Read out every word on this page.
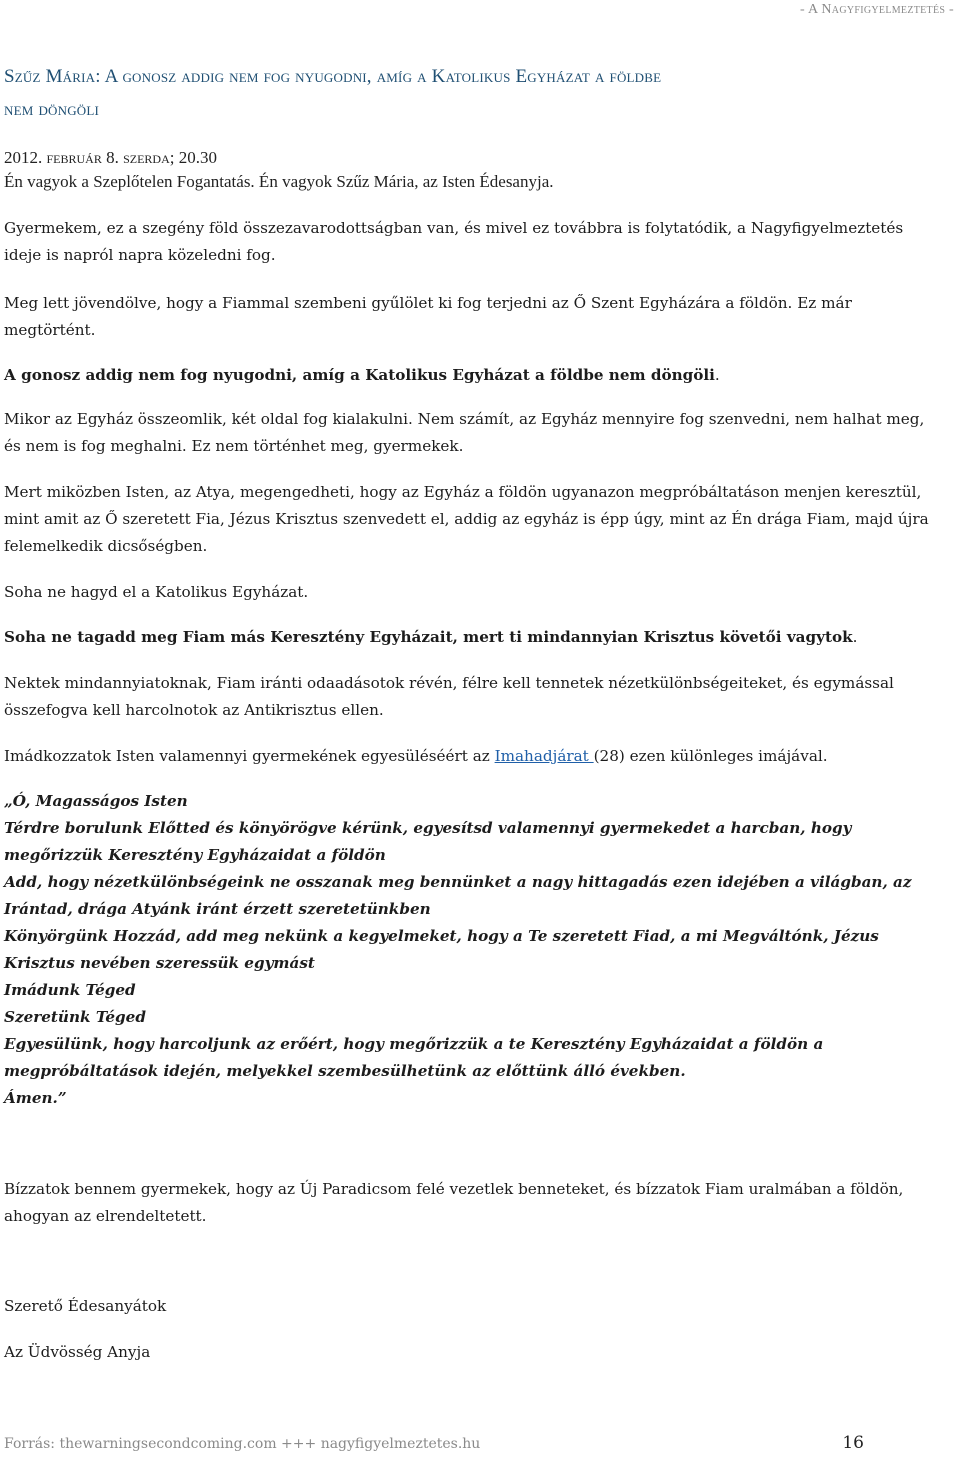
- A Nagyfigyelmeztetés -
Szűz Mária: A gonosz addig nem fog nyugodni, amíg a Katolikus Egyházat a földbe
nem döngöli
2012. február 8. szerda; 20.30
Én vagyok a Szeplőtelen Fogantatás. Én vagyok Szűz Mária, az Isten Édesanyja.

Gyermekem, ez a szegény föld összezavarodottságban van, és mivel ez továbbra is folytatódik, a Nagyfigyelmeztetés ideje is napról napra közeledni fog.

Meg lett jövendölve, hogy a Fiammal szembeni gyűlölet ki fog terjedni az Ő Szent Egyházára a földön. Ez már megtörtént.

A gonosz addig nem fog nyugodni, amíg a Katolikus Egyházat a földbe nem döngöli.

Mikor az Egyház összeomlik, két oldal fog kialakulni. Nem számít, az Egyház mennyire fog szenvedni, nem halhat meg, és nem is fog meghalni. Ez nem történhet meg, gyermekek.

Mert miközben Isten, az Atya, megengedheti, hogy az Egyház a földön ugyanazon megpróbáltatáson menjen keresztül, mint amit az Ő szeretett Fia, Jézus Krisztus szenvedett el, addig az egyház is épp úgy, mint az Én drága Fiam, majd újra felemelkedik dicsőségben.

Soha ne hagyd el a Katolikus Egyházat.

Soha ne tagadd meg Fiam más Keresztény Egyházait, mert ti mindannyian Krisztus követői vagytok.

Nektek mindannyiatoknak, Fiam iránti odaadásotok révén, félre kell tennetek nézetkülönbségeiteket, és egymással összefogva kell harcolnotok az Antikrisztus ellen.

Imádkozzatok Isten valamennyi gyermekének egyesüléséért az Imahadjárat (28) ezen különleges imájával.

„Ó, Magasságos Isten
Térdre borulunk Előtted és könyörögve kérünk, egyesítsd valamennyi gyermekedet a harcban, hogy
megőrizzük Keresztény Egyházaidat a földön
Add, hogy nézetkülönbségeink ne osszanak meg bennünket a nagy hittagadás ezen idejében a világban, az
Irántad, drága Atyánk iránt érzett szeretetünkben
Könyörgünk Hozzád, add meg nekünk a kegyelmeket, hogy a Te szeretett Fiad, a mi Megváltónk, Jézus
Krisztus nevében szeressük egymást
Imádunk Téged
Szeretünk Téged
Egyesülünk, hogy harcoljunk az erőért, hogy megőrizzük a te Keresztény Egyházaidat a földön a
megpróbáltatások idején, melyekkel szembesülhetünk az előttünk álló években.
Ámen.”

Bízzatok bennem gyermekek, hogy az Új Paradicsom felé vezetlek benneteket, és bízzatok Fiam uralmában a földön, ahogyan az elrendeltetett.

Szerető Édesanyátok

Az Üdvösség Anyja

Forrás: thewarningsecondcoming.com +++ nagyfigyelmeztetes.hu	16
